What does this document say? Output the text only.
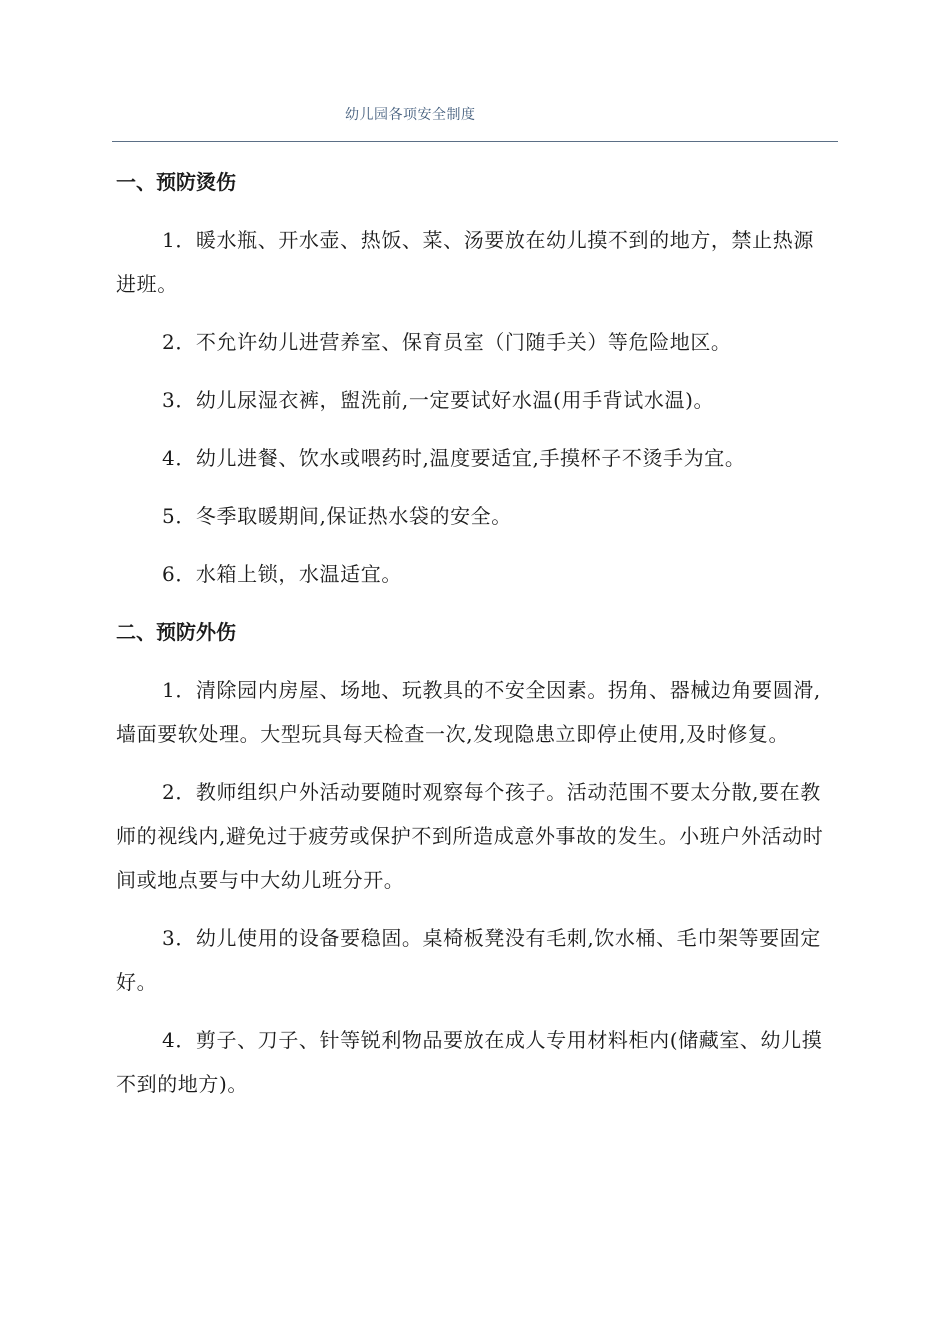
幼儿园各项安全制度
一、预防烫伤

1．暖水瓶、开水壶、热饭、菜、汤要放在幼儿摸不到的地方，禁止热源进班。

2．不允许幼儿进营养室、保育员室（门随手关）等危险地区。

3．幼儿尿湿衣裤，盥洗前,一定要试好水温(用手背试水温)。

4．幼儿进餐、饮水或喂药时,温度要适宜,手摸杯子不烫手为宜。

5．冬季取暖期间,保证热水袋的安全。

6．水箱上锁，水温适宜。

二、预防外伤

1．清除园内房屋、场地、玩教具的不安全因素。拐角、器械边角要圆滑,墙面要软处理。大型玩具每天检查一次,发现隐患立即停止使用,及时修复。

2．教师组织户外活动要随时观察每个孩子。活动范围不要太分散,要在教师的视线内,避免过于疲劳或保护不到所造成意外事故的发生。小班户外活动时间或地点要与中大幼儿班分开。

3．幼儿使用的设备要稳固。桌椅板凳没有毛刺,饮水桶、毛巾架等要固定好。

4．剪子、刀子、针等锐利物品要放在成人专用材料柜内(储藏室、幼儿摸不到的地方)。
